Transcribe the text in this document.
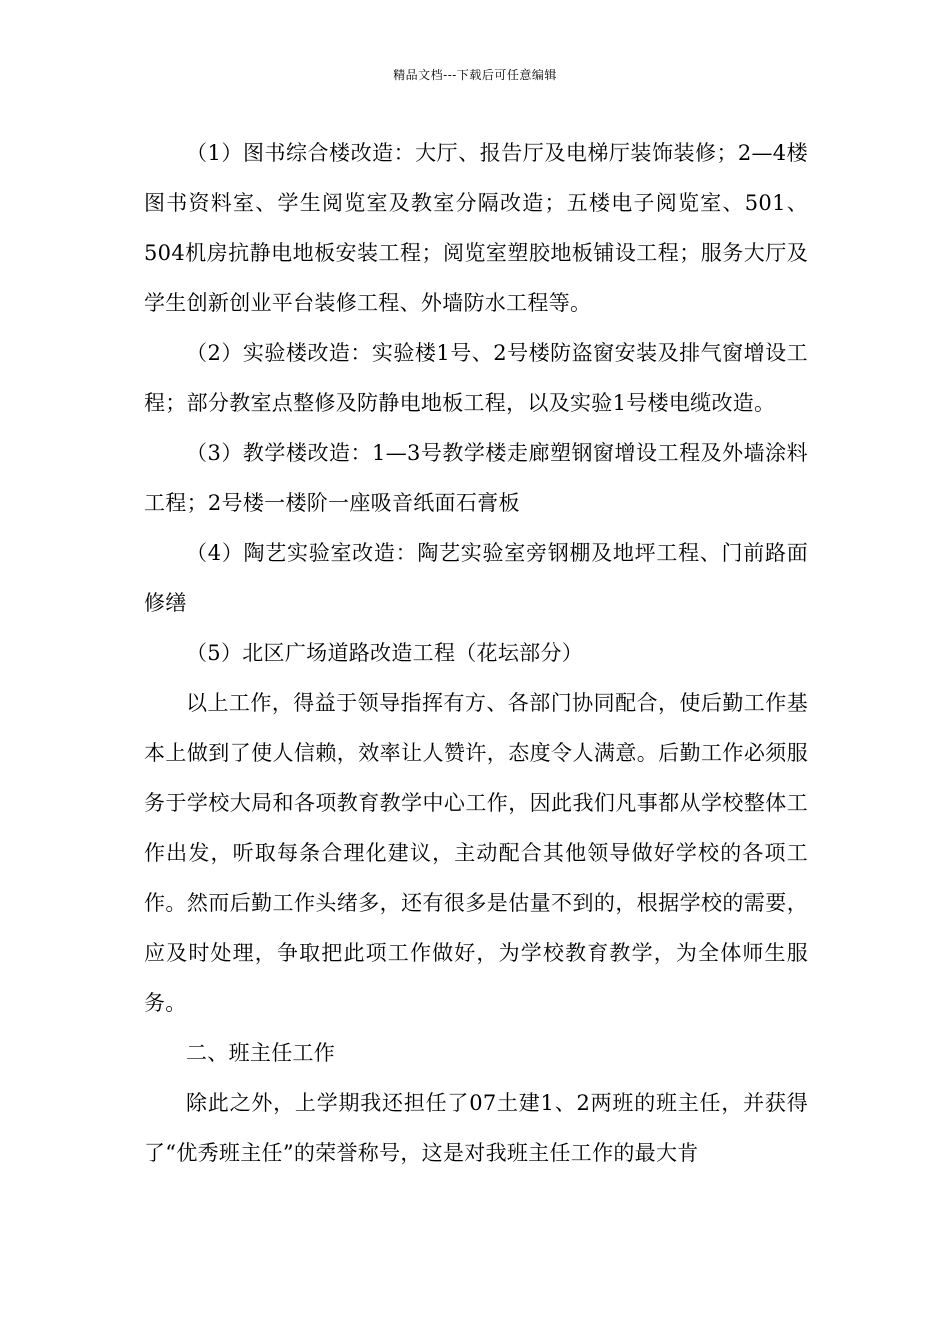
精品文档---下载后可任意编辑

（1）图书综合楼改造：大厅、报告厅及电梯厅装饰装修；2—4楼图书资料室、学生阅览室及教室分隔改造；五楼电子阅览室、501、504机房抗静电地板安装工程；阅览室塑胶地板铺设工程；服务大厅及学生创新创业平台装修工程、外墙防水工程等。

（2）实验楼改造：实验楼1号、2号楼防盗窗安装及排气窗增设工程；部分教室点整修及防静电地板工程，以及实验1号楼电缆改造。

（3）教学楼改造：1—3号教学楼走廊塑钢窗增设工程及外墙涂料工程；2号楼一楼阶一座吸音纸面石膏板

（4）陶艺实验室改造：陶艺实验室旁钢棚及地坪工程、门前路面修缮

（5）北区广场道路改造工程（花坛部分）

以上工作，得益于领导指挥有方、各部门协同配合，使后勤工作基本上做到了使人信赖，效率让人赞许，态度令人满意。后勤工作必须服务于学校大局和各项教育教学中心工作，因此我们凡事都从学校整体工作出发，听取每条合理化建议，主动配合其他领导做好学校的各项工作。然而后勤工作头绪多，还有很多是估量不到的，根据学校的需要，应及时处理，争取把此项工作做好，为学校教育教学，为全体师生服务。

二、班主任工作

除此之外，上学期我还担任了07土建1、2两班的班主任，并获得了“优秀班主任”的荣誉称号，这是对我班主任工作的最大肯
